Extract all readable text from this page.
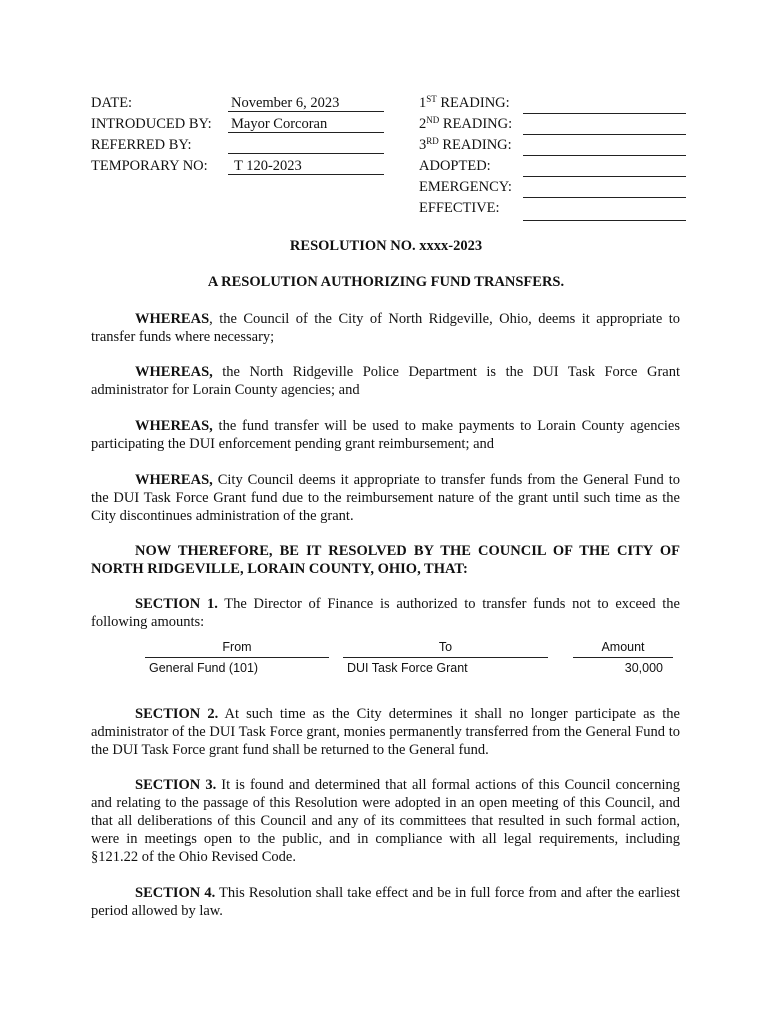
DATE:	November 6, 2023
INTRODUCED BY: Mayor Corcoran
REFERRED BY:
TEMPORARY NO:	T 120-2023
1ST READING:
2ND READING:
3RD READING:
ADOPTED:
EMERGENCY:
EFFECTIVE:
RESOLUTION NO. xxxx-2023
A RESOLUTION AUTHORIZING FUND TRANSFERS.

WHEREAS, the Council of the City of North Ridgeville, Ohio, deems it appropriate to transfer funds where necessary;

WHEREAS, the North Ridgeville Police Department is the DUI Task Force Grant administrator for Lorain County agencies; and

WHEREAS, the fund transfer will be used to make payments to Lorain County agencies participating the DUI enforcement pending grant reimbursement; and

WHEREAS, City Council deems it appropriate to transfer funds from the General Fund to the DUI Task Force Grant fund due to the reimbursement nature of the grant until such time as the City discontinues administration of the grant.

NOW THEREFORE, BE IT RESOLVED BY THE COUNCIL OF THE CITY OF NORTH RIDGEVILLE, LORAIN COUNTY, OHIO, THAT:

SECTION 1. The Director of Finance is authorized to transfer funds not to exceed the following amounts:

From	To	Amount
General Fund (101)	DUI Task Force Grant	30,000

SECTION 2. At such time as the City determines it shall no longer participate as the administrator of the DUI Task Force grant, monies permanently transferred from the General Fund to the DUI Task Force grant fund shall be returned to the General fund.

SECTION 3. It is found and determined that all formal actions of this Council concerning and relating to the passage of this Resolution were adopted in an open meeting of this Council, and that all deliberations of this Council and any of its committees that resulted in such formal action, were in meetings open to the public, and in compliance with all legal requirements, including §121.22 of the Ohio Revised Code.

SECTION 4. This Resolution shall take effect and be in full force from and after the earliest period allowed by law.
